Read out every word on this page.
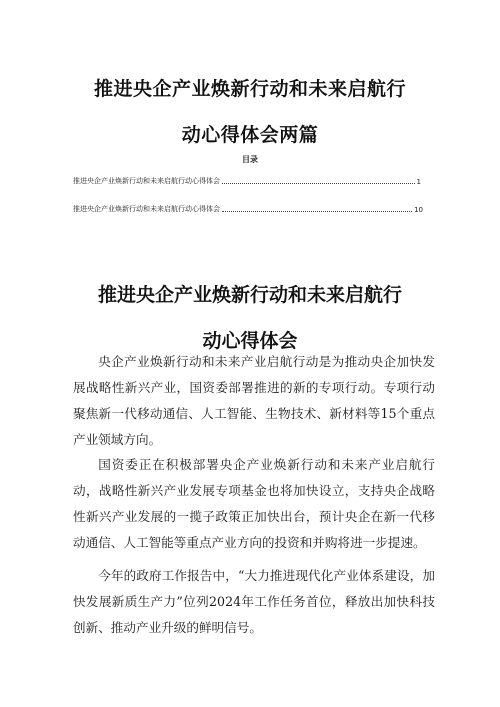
推进央企产业焕新行动和未来启航行
动心得体会两篇
目录
推进央企产业焕新行动和未来启航行动心得体会	1
推进央企产业焕新行动和未来启航行动心得体会	10
推进央企产业焕新行动和未来启航行
动心得体会

央企产业焕新行动和未来产业启航行动是为推动央企加快发展战略性新兴产业，国资委部署推进的新的专项行动。专项行动聚焦新一代移动通信、人工智能、生物技术、新材料等15个重点产业领域方向。

国资委正在积极部署央企产业焕新行动和未来产业启航行动，战略性新兴产业发展专项基金也将加快设立，支持央企战略性新兴产业发展的一揽子政策正加快出台，预计央企在新一代移动通信、人工智能等重点产业方向的投资和并购将进一步提速。

今年的政府工作报告中，“大力推进现代化产业体系建设，加快发展新质生产力”位列2024年工作任务首位，释放出加快科技创新、推动产业升级的鲜明信号。
